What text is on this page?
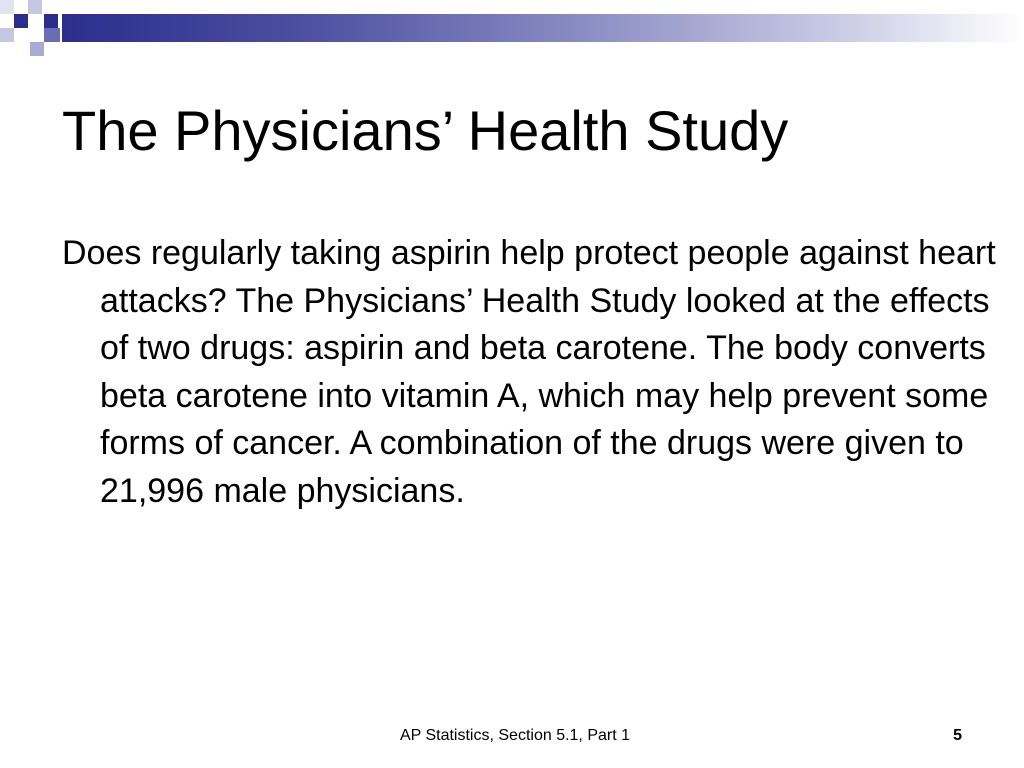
The Physicians’ Health Study

Does regularly taking aspirin help protect people against heart attacks? The Physicians’ Health Study looked at the effects of two drugs: aspirin and beta carotene. The body converts beta carotene into vitamin A, which may help prevent some forms of cancer. A combination of the drugs were given to 21,996 male physicians.

AP Statistics, Section 5.1, Part 1	5
